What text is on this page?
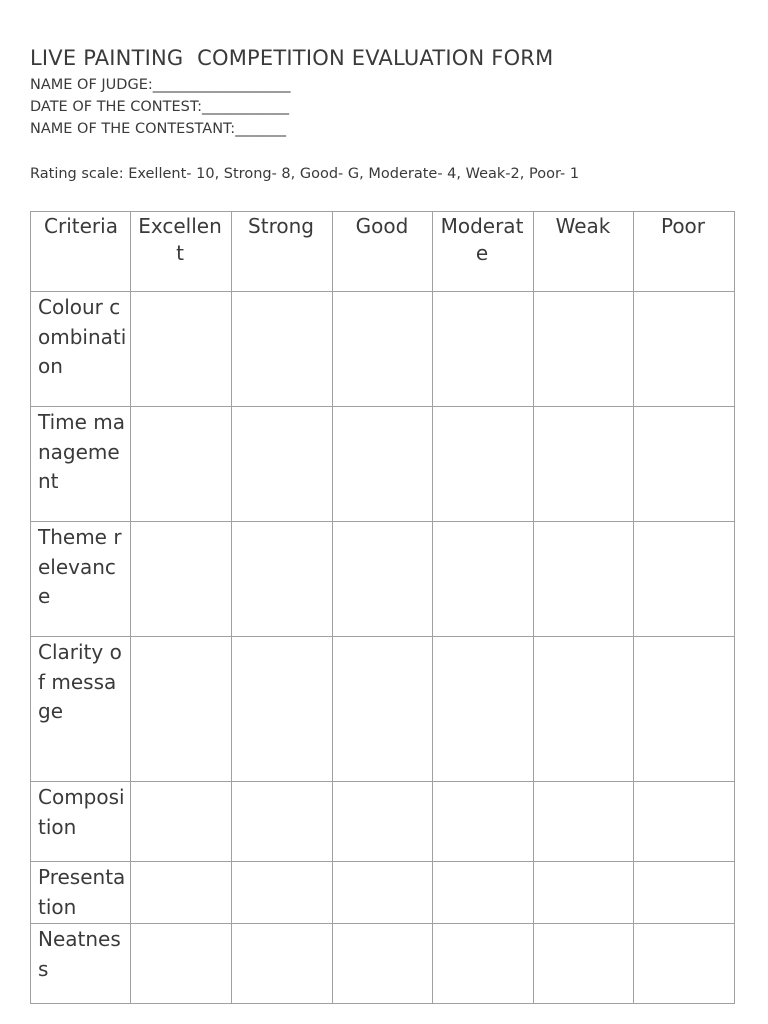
LIVE PAINTING  COMPETITION EVALUATION FORM
NAME OF JUDGE:___________________
DATE OF THE CONTEST:____________
NAME OF THE CONTESTANT:_______
Rating scale: Exellent- 10, Strong- 8, Good- G, Moderate- 4, Weak-2, Poor- 1
Criteria	Excellent	Strong	Good	Moderate	Weak	Poor

Colour combination						

Time management						

Theme relevance						

Clarity of message						

Composition						

Presentation						

Neatness						
